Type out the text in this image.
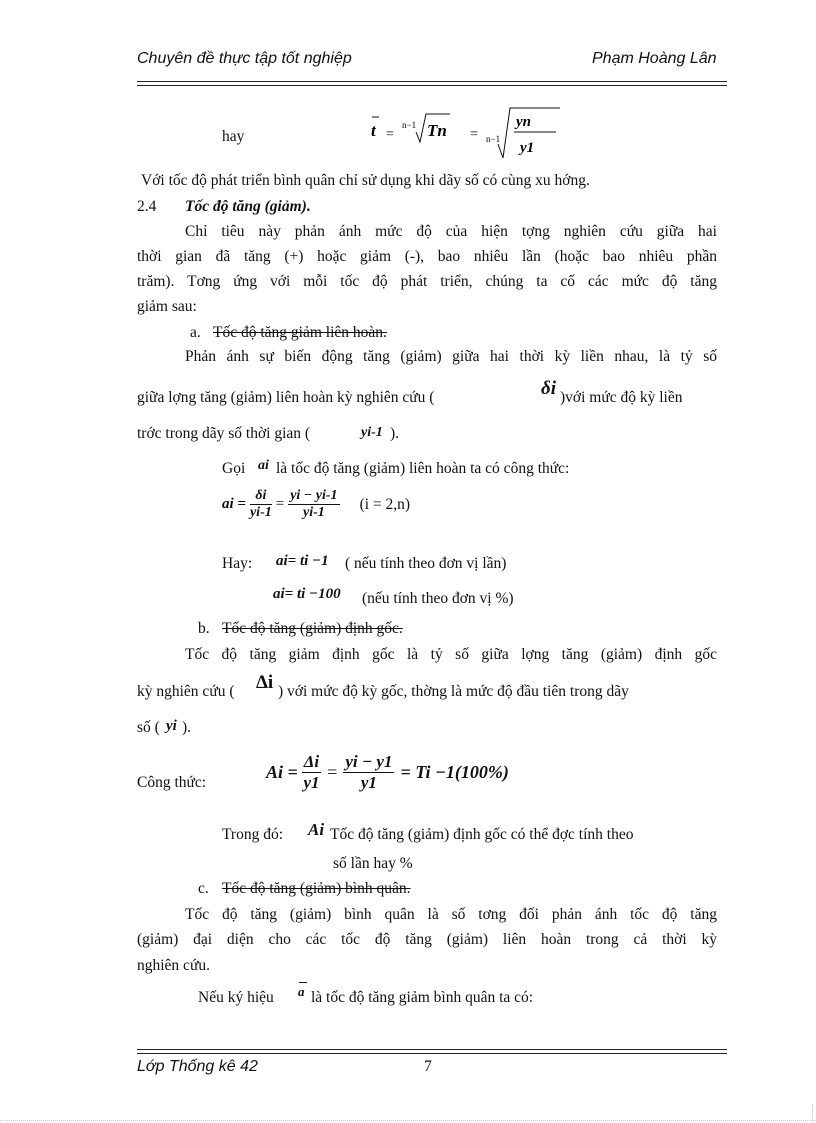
Chuyên đề thực tập tốt nghiệp	Phạm Hoàng Lân
hay	t =
n−1 Tn = n−1
yn
y1
Với tốc độ phát triển bình quân chỉ sử dụng khi dãy số có cùng xu hớng.
2.4 Tốc độ tăng (giảm).
Chỉ tiêu này phản ánh mức độ của hiện tợng nghiên cứu giữa hai
thời gian đã tăng (+) hoặc giảm (-), bao nhiêu lần (hoặc bao nhiêu phần
trăm). Tơng ứng với mỗi tốc độ phát triển, chúng ta cố các mức độ tăng
giảm sau:
a. Tốc độ tăng giảm liên hoàn.
Phản ánh sự biến động tăng (giảm) giữa hai thời kỳ liền nhau, là tỷ số
giữa lợng tăng (giảm) liên hoàn kỳ nghiên cứu (	δi )với mức độ kỳ liền
trớc trong dãy số thời gian (	yi-1 ).
Gọi ai là tốc độ tăng (giảm) liên hoàn ta có công thức:
ai = $\frac{\delta i}{yi-1} = \frac{yi - yi-1}{yi-1} (i = 2,n)$
Hay: ai= ti −1 ( nếu tính theo đơn vị lần)
ai= ti −100 (nếu tính theo đơn vị %)
b. Tốc độ tăng (giảm) định gốc.
Tốc độ tăng giảm định gốc là tỷ số giữa lợng tăng (giảm) định gốc
kỳ nghiên cứu ( Δi ) với mức độ kỳ gốc, thờng là mức độ đầu tiên trong dãy
số ( yi ).
Công thức:
$Ai = \frac{\Delta i}{y1} = \frac{yi - y1}{y1} = Ti -1(100\%)$
Trong đó: Ai Tốc độ tăng (giảm) định gốc có thể đợc tính theo
số lần hay %
c. Tốc độ tăng (giảm) bình quân.
Tốc độ tăng (giảm) bình quân là số tơng đối phản ánh tốc độ tăng
(giảm) đại diện cho các tốc độ tăng (giảm) liên hoàn trong cả thời kỳ
nghiên cứu.
Nếu ký hiệu a là tốc độ tăng giảm bình quân ta có:
Lớp Thống kê 42	7
